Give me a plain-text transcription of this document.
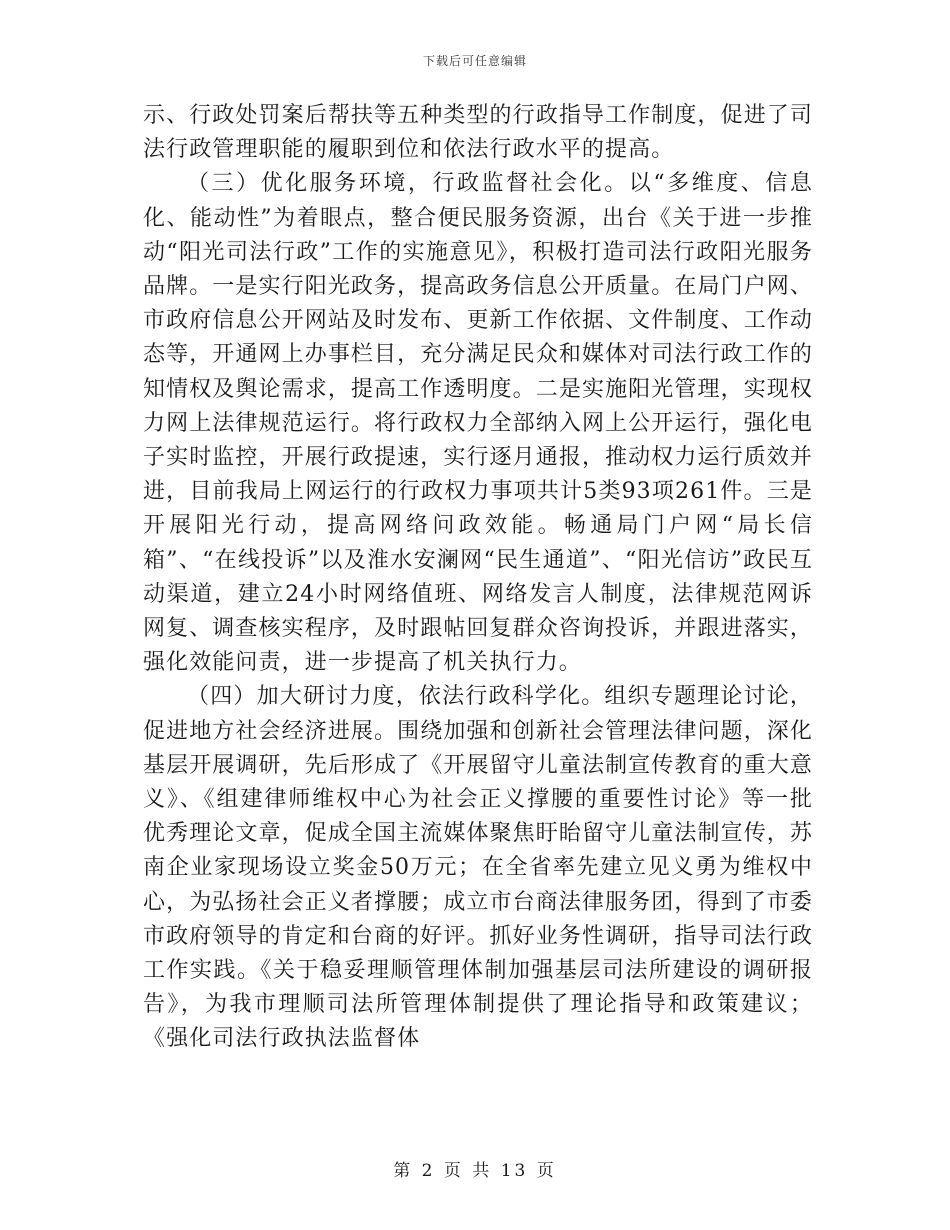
下载后可任意编辑

示、行政处罚案后帮扶等五种类型的行政指导工作制度，促进了司法行政管理职能的履职到位和依法行政水平的提高。

（三）优化服务环境，行政监督社会化。以“多维度、信息化、能动性”为着眼点，整合便民服务资源，出台《关于进一步推动“阳光司法行政”工作的实施意见》，积极打造司法行政阳光服务品牌。一是实行阳光政务，提高政务信息公开质量。在局门户网、市政府信息公开网站及时发布、更新工作依据、文件制度、工作动态等，开通网上办事栏目，充分满足民众和媒体对司法行政工作的知情权及舆论需求，提高工作透明度。二是实施阳光管理，实现权力网上法律规范运行。将行政权力全部纳入网上公开运行，强化电子实时监控，开展行政提速，实行逐月通报，推动权力运行质效并进，目前我局上网运行的行政权力事项共计5类93项261件。三是开展阳光行动，提高网络问政效能。畅通局门户网“局长信箱”、“在线投诉”以及淮水安澜网“民生通道”、“阳光信访”政民互动渠道，建立24小时网络值班、网络发言人制度，法律规范网诉网复、调查核实程序，及时跟帖回复群众咨询投诉，并跟进落实，强化效能问责，进一步提高了机关执行力。

（四）加大研讨力度，依法行政科学化。组织专题理论讨论，促进地方社会经济进展。围绕加强和创新社会管理法律问题，深化基层开展调研，先后形成了《开展留守儿童法制宣传教育的重大意义》、《组建律师维权中心为社会正义撑腰的重要性讨论》等一批优秀理论文章，促成全国主流媒体聚焦盱眙留守儿童法制宣传，苏南企业家现场设立奖金50万元；在全省率先建立见义勇为维权中心，为弘扬社会正义者撑腰；成立市台商法律服务团，得到了市委市政府领导的肯定和台商的好评。抓好业务性调研，指导司法行政工作实践。《关于稳妥理顺管理体制加强基层司法所建设的调研报告》，为我市理顺司法所管理体制提供了理论指导和政策建议；《强化司法行政执法监督体

第 2 页 共 13 页
